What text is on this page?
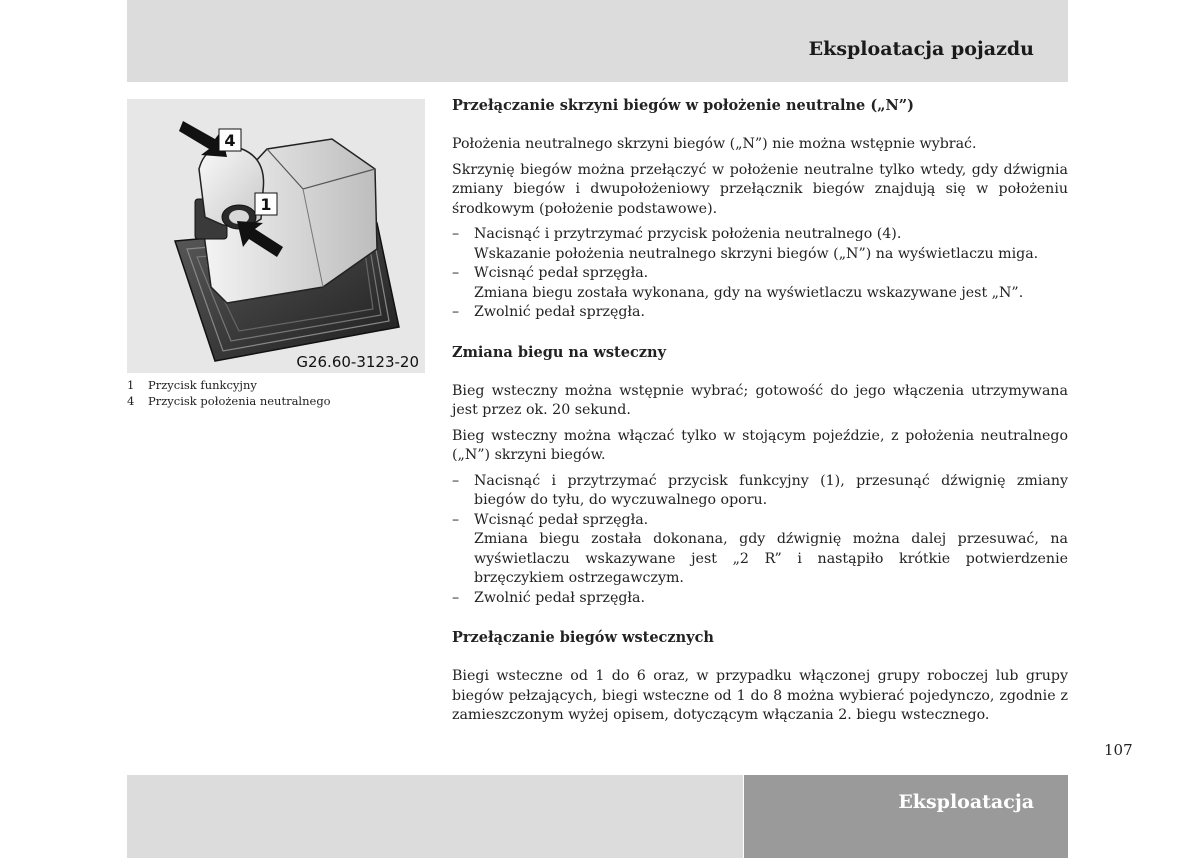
Eksploatacja pojazdu
4
1
G26.60-3123-20
1	Przycisk funkcyjny
4	Przycisk położenia neutralnego
Przełączanie skrzyni biegów w położenie neutralne („N”)

Położenia neutralnego skrzyni biegów („N”) nie można wstępnie wybrać.

Skrzynię biegów można przełączyć w położenie neutralne tylko wtedy, gdy dźwignia zmiany biegów i dwupołożeniowy przełącznik biegów znajdują się w położeniu środkowym (położenie podstawowe).

–	Nacisnąć i przytrzymać przycisk położenia neutralnego (4).
Wskazanie położenia neutralnego skrzyni biegów („N”) na wyświetlaczu miga.
–	Wcisnąć pedał sprzęgła.
Zmiana biegu została wykonana, gdy na wyświetlaczu wskazywane jest „N”.
–	Zwolnić pedał sprzęgła.
Zmiana biegu na wsteczny

Bieg wsteczny można wstępnie wybrać; gotowość do jego włączenia utrzymywana jest przez ok. 20 sekund.

Bieg wsteczny można włączać tylko w stojącym pojeździe, z położenia neutralnego („N”) skrzyni biegów.

–	Nacisnąć i przytrzymać przycisk funkcyjny (1), przesunąć dźwignię zmiany biegów do tyłu, do wyczuwalnego oporu.
–	Wcisnąć pedał sprzęgła.
Zmiana biegu została dokonana, gdy dźwignię można dalej przesuwać, na wyświetlaczu wskazywane jest „2 R” i nastąpiło krótkie potwierdzenie brzęczykiem ostrzegawczym.
–	Zwolnić pedał sprzęgła.
Przełączanie biegów wstecznych

Biegi wsteczne od 1 do 6 oraz, w przypadku włączonej grupy roboczej lub grupy biegów pełzających, biegi wsteczne od 1 do 8 można wybierać pojedynczo, zgodnie z zamieszczonym wyżej opisem, dotyczącym włączania 2. biegu wstecznego.

107
Eksploatacja
